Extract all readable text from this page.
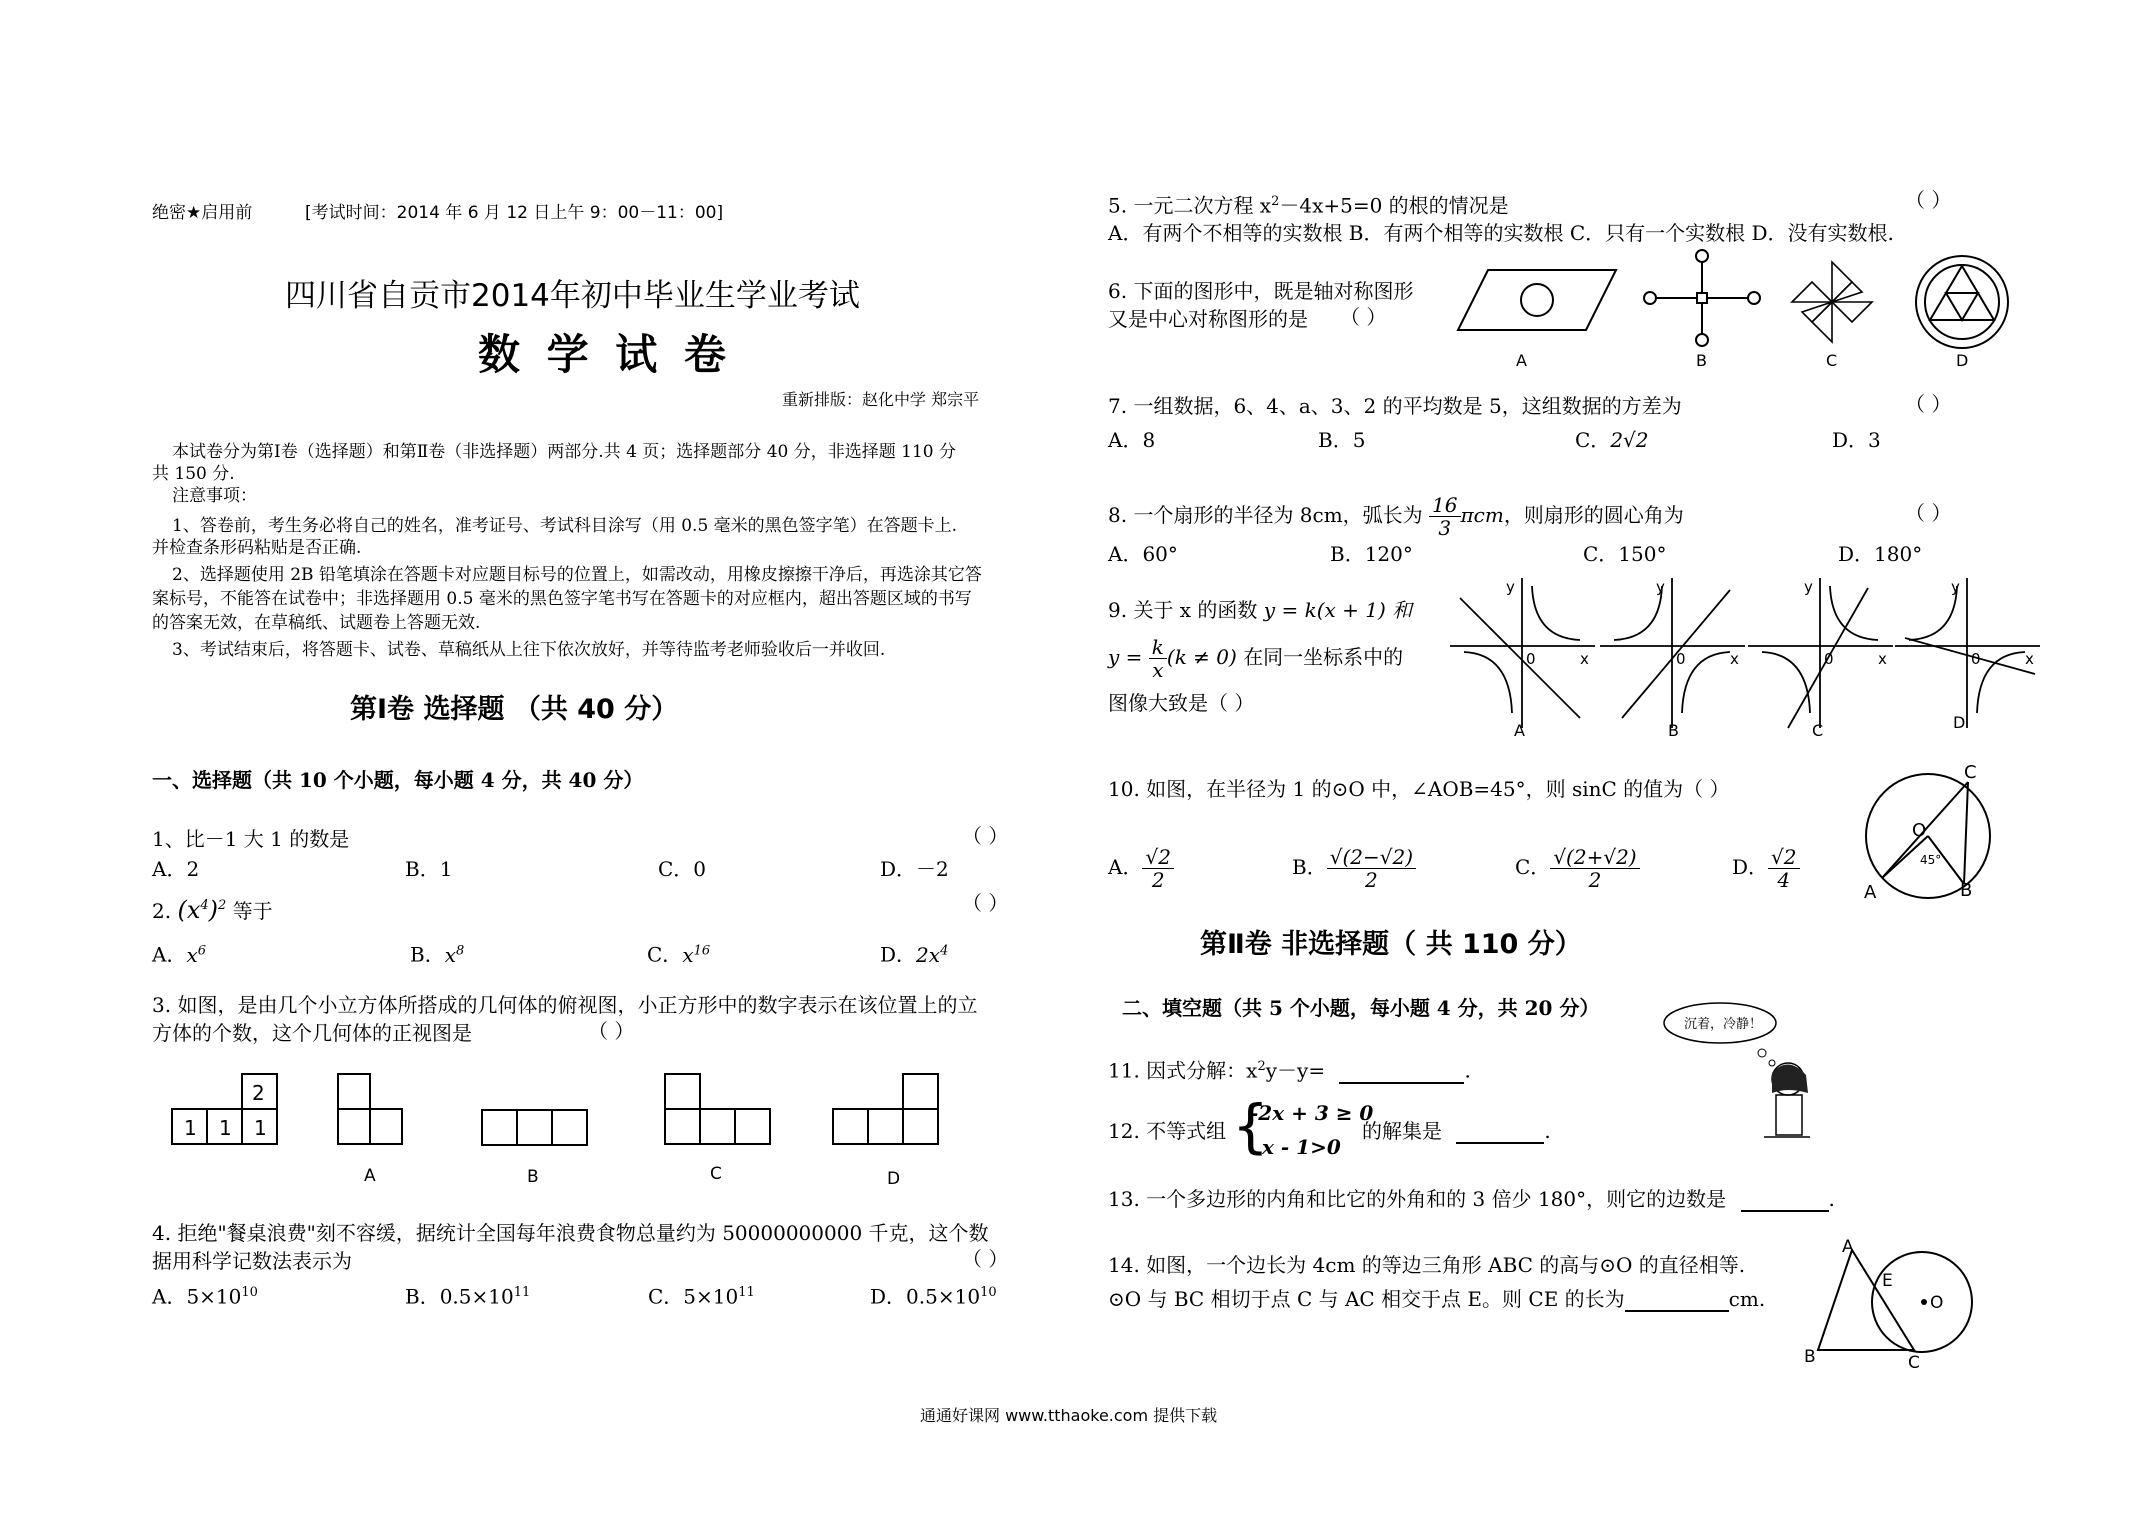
绝密★启用前	[考试时间：2014 年 6 月 12 日上午 9：00－11：00]
四川省自贡市2014年初中毕业生学业考试
数 学 试 卷
重新排版：赵化中学 郑宗平
本试卷分为第Ⅰ卷（选择题）和第Ⅱ卷（非选择题）两部分.共 4 页；选择题部分 40 分，非选择题 110 分
共 150 分.
注意事项：
1、答卷前，考生务必将自己的姓名，准考证号、考试科目涂写（用 0.5 毫米的黑色签字笔）在答题卡上.
并检查条形码粘贴是否正确.
2、选择题使用 2B 铅笔填涂在答题卡对应题目标号的位置上，如需改动，用橡皮擦擦干净后，再选涂其它答
案标号，不能答在试卷中；非选择题用 0.5 毫米的黑色签字笔书写在答题卡的对应框内，超出答题区域的书写
的答案无效，在草稿纸、试题卷上答题无效.
3、考试结束后，将答题卡、试卷、草稿纸从上往下依次放好，并等待监考老师验收后一并收回.
第Ⅰ卷 选择题 （共 40 分）
一、选择题（共 10 个小题，每小题 4 分，共 40 分）
1、比－1 大 1 的数是	（ ）
A．2	B．1	C．0	D．－2
2. $(x^4)^2$ 等于	（ ）
A．$x^6$	B．$x^8$	C．$x^{16}$	D．$2x^4$
3. 如图，是由几个小立方体所搭成的几何体的俯视图，小正方形中的数字表示在该位置上的立
方体的个数，这个几何体的正视图是	（ ）
1 1 1
2
A	B	C	D
4. 拒绝"餐桌浪费"刻不容缓，据统计全国每年浪费食物总量约为 50000000000 千克，这个数
据用科学记数法表示为	（ ）
A．$5\times 10^{10}$	B．$0.5\times 10^{11}$	C．$5\times 10^{11}$	D．$0.5\times 10^{10}$
5. 一元二次方程 $x^2-4x+5=0$ 的根的情况是	（ ）
A．有两个不相等的实数根 B．有两个相等的实数根 C．只有一个实数根 D．没有实数根.
6. 下面的图形中，既是轴对称图形
又是中心对称图形的是 （ ）
A	B	C	D
7. 一组数据，6、4、a、3、2 的平均数是 5，这组数据的方差为	（ ）
A．8	B．5	C．2√2	D．3
8. 一个扇形的半径为 8cm，弧长为 $\frac{16}{3}$ πcm，则扇形的圆心角为	（ ）
A．60°	B．120°	C．150°	D．180°
9. 关于 x 的函数 y = k(x + 1) 和
$y = \frac{k}{x} (k \ne 0)$ 在同一坐标系中的
图像大致是（ ）
y
0	x
A
y
0	x
B
y
0	x
C
y
0	x
D
10. 如图，在半径为 1 的⊙O 中，∠AOB=45°，则 sinC 的值为（ ）
A． $\frac{√2}{2}$	B． $\frac{√(2-√2)}{2}$	C． $\frac{√(2+√2)}{2}$	D． $\frac{√2}{4}$
C
O
45°
A	B
第Ⅱ卷 非选择题（ 共 110 分）
二、填空题（共 5 个小题，每小题 4 分，共 20 分）
沉着，冷静！
11. 因式分解：$x^2y-y=$	.
12. 不等式组 {
-2x + 3 ≥ 0
x - 1>0
的解集是	.
13. 一个多边形的内角和比它的外角和的 3 倍少 180°，则它的边数是	.
14. 如图，一个边长为 4cm 的等边三角形 ABC 的高与⊙O 的直径相等.
⊙O 与 BC 相切于点 C 与 AC 相交于点 E。则 CE 的长为	cm.
A
E
O
B	C
通通好课网 www.tthaoke.com 提供下载
